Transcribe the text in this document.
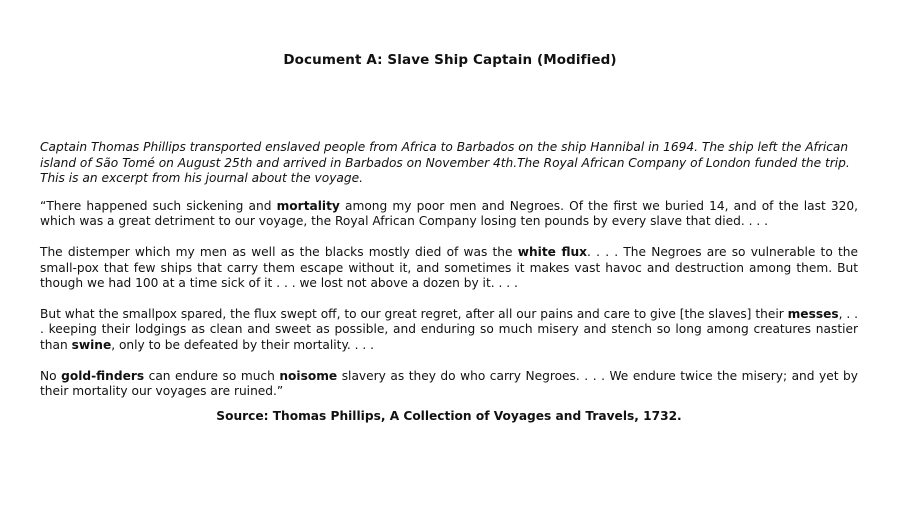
Document A: Slave Ship Captain (Modified)

Captain Thomas Phillips transported enslaved people from Africa to Barbados on the ship Hannibal in 1694. The ship left the African island of São Tomé on August 25th and arrived in Barbados on November 4th.The Royal African Company of London funded the trip. This is an excerpt from his journal about the voyage.

“There happened such sickening and mortality among my poor men and Negroes. Of the first we buried 14, and of the last 320, which was a great detriment to our voyage, the Royal African Company losing ten pounds by every slave that died. . . .

The distemper which my men as well as the blacks mostly died of was the white flux. . . . The Negroes are so vulnerable to the small-pox that few ships that carry them escape without it, and sometimes it makes vast havoc and destruction among them. But though we had 100 at a time sick of it . . . we lost not above a dozen by it. . . .

But what the smallpox spared, the flux swept off, to our great regret, after all our pains and care to give [the slaves] their messes, . . . keeping their lodgings as clean and sweet as possible, and enduring so much misery and stench so long among creatures nastier than swine, only to be defeated by their mortality. . . .

No gold-finders can endure so much noisome slavery as they do who carry Negroes. . . . We endure twice the misery; and yet by their mortality our voyages are ruined.”

Source: Thomas Phillips, A Collection of Voyages and Travels, 1732.
